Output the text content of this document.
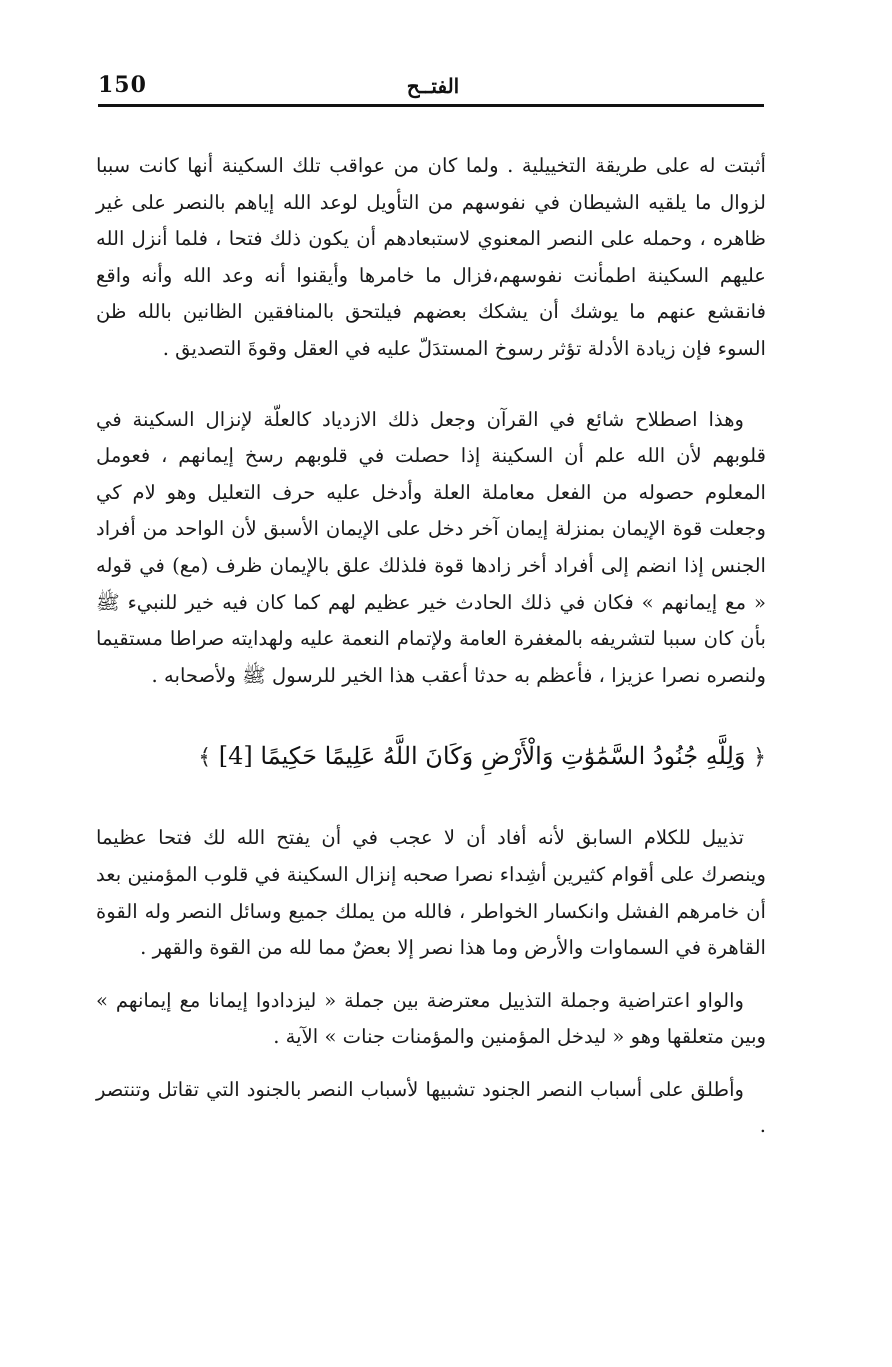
150	الفتــح

أثبتت له على طريقة التخييلية . ولما كان من عواقب تلك السكينة أنها كانت سببا لزوال ما يلقيه الشيطان في نفوسهم من التأويل لوعد الله إياهم بالنصر على غير ظاهره ، وحمله على النصر المعنوي لاستبعادهم أن يكون ذلك فتحا ، فلما أنزل الله عليهم السكينة اطمأنت نفوسهم،فزال ما خامرها وأيقنوا أنه وعد الله وأنه واقع فانقشع عنهم ما يوشك أن يشكك بعضهم فيلتحق بالمنافقين الظانين بالله ظن السوء فإن زيادة الأدلة تؤثر رسوخ المستدَلّ عليه في العقل وقوةَ التصديق .

وهذا اصطلاح شائع في القرآن وجعل ذلك الازدياد كالعلّة لإنزال السكينة في قلوبهم لأن الله علم أن السكينة إذا حصلت في قلوبهم رسخ إيمانهم ، فعومل المعلوم حصوله من الفعل معاملة العلة وأدخل عليه حرف التعليل وهو لام كي وجعلت قوة الإيمان بمنزلة إيمان آخر دخل على الإيمان الأسبق لأن الواحد من أفراد الجنس إذا انضم إلى أفراد أخر زادها قوة فلذلك علق بالإيمان ظرف (مع) في قوله « مع إيمانهم » فكان في ذلك الحادث خير عظيم لهم كما كان فيه خير للنبيء ﷺ بأن كان سببا لتشريفه بالمغفرة العامة ولإتمام النعمة عليه ولهدايته صراطا مستقيما ولنصره نصرا عزيزا ، فأعظم به حدثا أعقب هذا الخير للرسول ﷺ ولأصحابه .

﴿ وَلِلَّهِ جُنُودُ السَّمَٰوَٰتِ وَالْأَرْضِ وَكَانَ اللَّهُ عَلِيمًا حَكِيمًا [4] ﴾

تذييل للكلام السابق لأنه أفاد أن لا عجب في أن يفتح الله لك فتحا عظيما وينصرك على أقوام كثيرين أشِداء نصرا صحبه إنزال السكينة في قلوب المؤمنين بعد أن خامرهم الفشل وانكسار الخواطر ، فالله من يملك جميع وسائل النصر وله القوة القاهرة في السماوات والأرض وما هذا نصر إلا بعضٌ مما لله من القوة والقهر .

والواو اعتراضية وجملة التذييل معترضة بين جملة « ليزدادوا إيمانا مع إيمانهم » وبين متعلقها وهو « ليدخل المؤمنين والمؤمنات جنات » الآية .

وأطلق على أسباب النصر الجنود تشبيها لأسباب النصر بالجنود التي تقاتل وتنتصر .
